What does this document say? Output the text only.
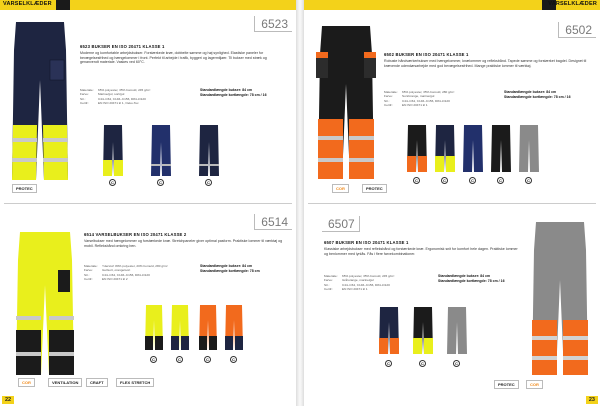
VARSELKLÆDER
6523
6523 BUKSER EN ISO 20471 KLASSE 1
Moderne og komfortable arbejdsbukser. Forstærkede knæ, dobbelte sømme og høj synlighed. Elastiske paneler for bevægelsesfrihed og hængelommer i front. Perfekt til arbejde i trafik, byggeri og lagermiljøer. Til bukser med stræk og genanvendt materiale. Vaskes ved 60°C.
Materiale: 65% polyester, 35% bomuld, 245 g/m²
Farve:	Marine/gul, sort/gul
Str.:	C44–C64, C146–C156, D84–D120
Certif.:	EN ISO 20471 kl 1, Oeko-Tex
Standardlængde bukser: 84 cm
Standardlængde kortlængde: 78 cm / 16
C	C	C
PROTEC
6514
6514 VARSELBUKSER EN ISO 20471 KLASSE 2
Varselbukser med hængelommer og forstærkede knæ. Stretchpaneler giver optimal pasform. Praktiske lommer til værktøj og mobil. Refleksbånd omkring ben.
Materiale: Yderstof: 80% polyester, 20% bomuld, 280 g/m²
Farve:	Gul/sort, orange/sort
Str.:	C44–C64, C146–C156, D84–D120
Certif.:	EN ISO 20471 kl 2
Standardlængde bukser: 84 cm
Standardlængde kortlængde: 78 cm
C	C	C	C
COR	VENTILATION	CRAFT	FLEX STRETCH
22
VARSELKLÆDER
6502
6502 BUKSER EN ISO 20471 KLASSE 1
Robuste håndværkerbukser med hængelommer, knælommer og refleksbånd. Tapede sømme og forstærket bagdel. Designet til krævende udendørsarbejde med god bevægelsesfrihed. Mange praktiske lommer til værktøj.
Materiale: 65% polyester, 35% bomuld, 280 g/m²
Farve:	Sort/orange, marine/gul
Str.:	C44–C64, C146–C156, D84–D120
Certif.:	EN ISO 20471 kl 1
Standardlængde bukser: 84 cm
Standardlængde kortlængde: 78 cm / 16
C	C	C	C	C
COR	PROTEC
6507
6507 BUKSER EN ISO 20471 KLASSE 1
Klassiske arbejdsbukser med refleksbånd og forstærkede knæ. Ergonomisk snit for komfort hele dagen. Praktiske lommer og benlommer med lynlås. Fås i flere farvekombinationer.
Materiale: 65% polyester, 35% bomuld, 245 g/m²
Farve:	Grå/orange, marine/gul
Str.:	C44–C64, C146–C156, D84–D120
Certif.:	EN ISO 20471 kl 1
Standardlængde bukser: 84 cm
Standardlængde kortlængde: 78 cm / 16
C	C	C
PROTEC	COR
23
